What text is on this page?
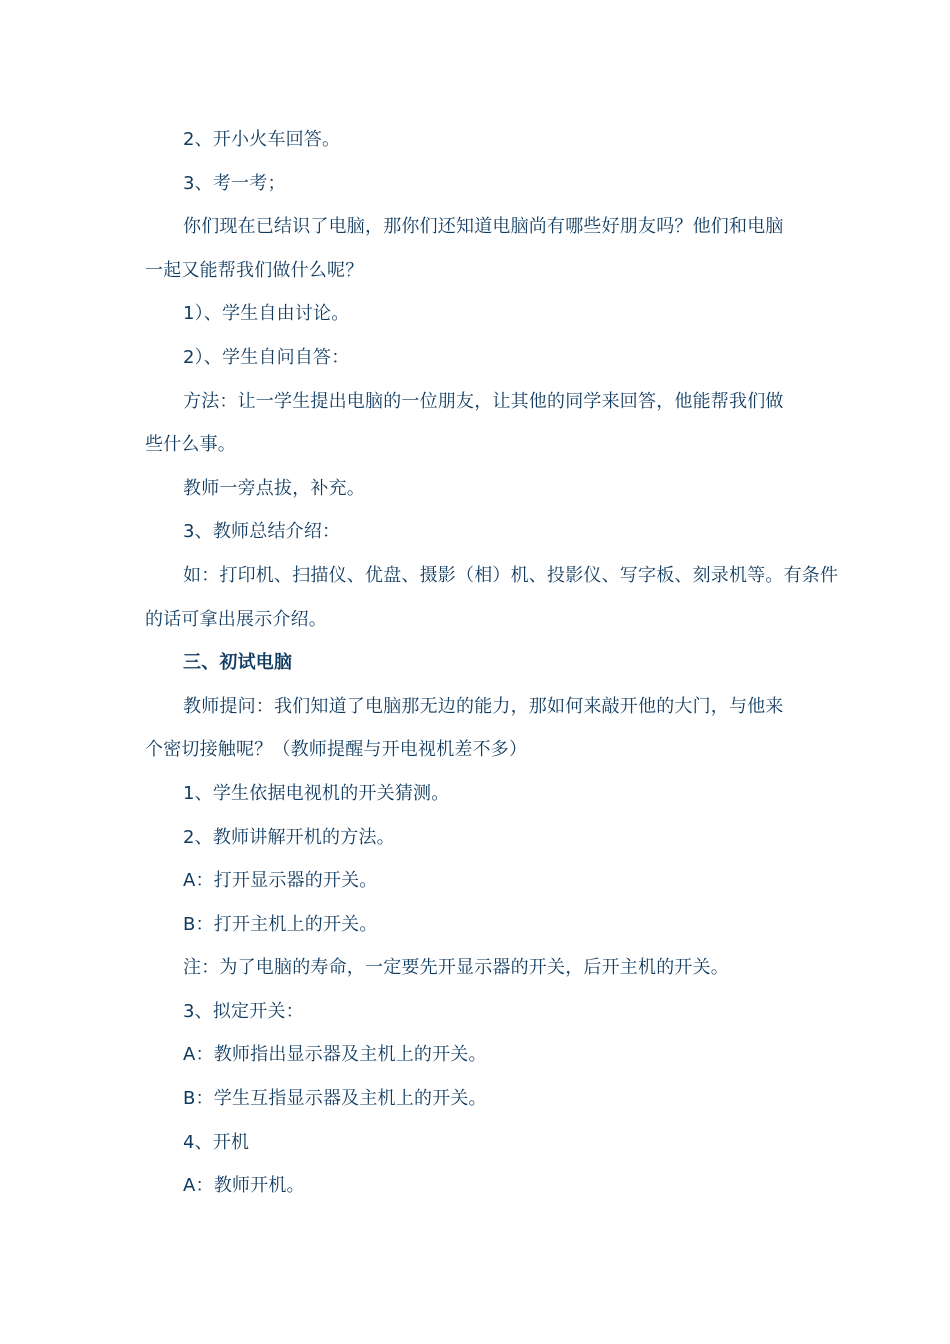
2、开小火车回答。

3、考一考；

你们现在已结识了电脑，那你们还知道电脑尚有哪些好朋友吗？他们和电脑

一起又能帮我们做什么呢？

1）、学生自由讨论。

2）、学生自问自答：

方法：让一学生提出电脑的一位朋友，让其他的同学来回答，他能帮我们做

些什么事。

教师一旁点拔，补充。

3、教师总结介绍：

如：打印机、扫描仪、优盘、摄影（相）机、投影仪、写字板、刻录机等。有条件

的话可拿出展示介绍。

三、初试电脑

教师提问：我们知道了电脑那无边的能力，那如何来敲开他的大门，与他来

个密切接触呢？（教师提醒与开电视机差不多）

1、学生依据电视机的开关猜测。

2、教师讲解开机的方法。

A：打开显示器的开关。

B：打开主机上的开关。

注：为了电脑的寿命，一定要先开显示器的开关，后开主机的开关。

3、拟定开关：

A：教师指出显示器及主机上的开关。

B：学生互指显示器及主机上的开关。

4、开机

A：教师开机。
